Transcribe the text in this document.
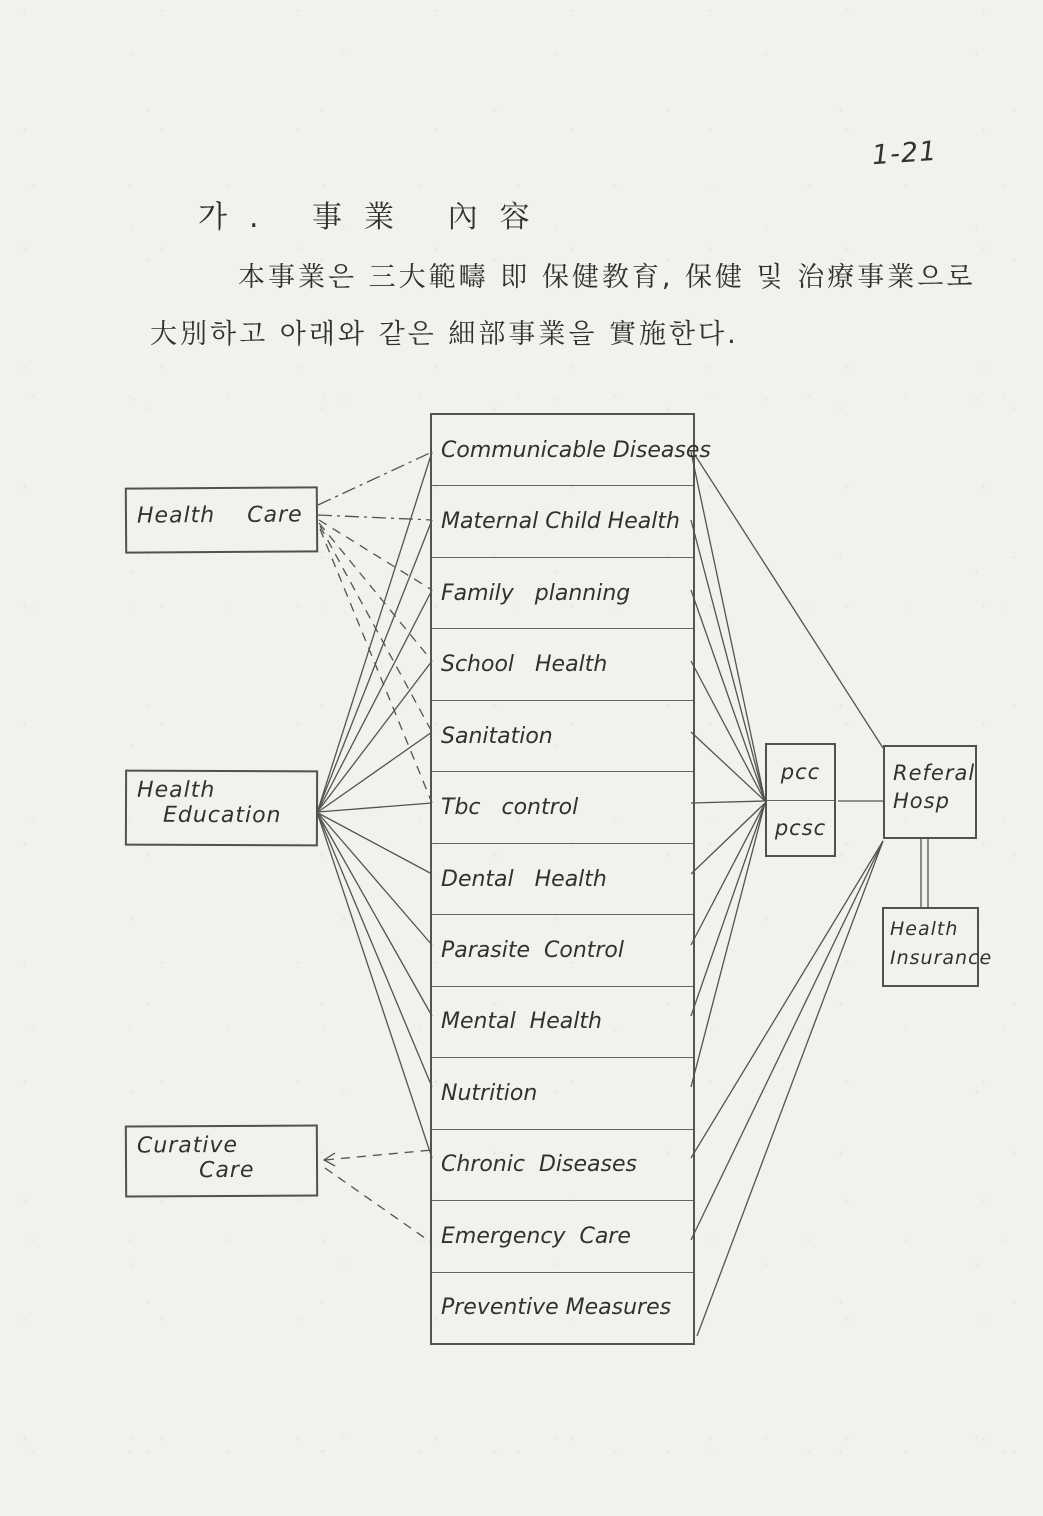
1-21
가. 事業 內容
本事業은 三大範疇 即 保健教育, 保健 및 治療事業으로
大別하고 아래와 같은 細部事業을 實施한다.
Health Care
Health
Education
Curative
Care
Communicable Diseases
Maternal Child Health
Family   planning
School   Health
Sanitation
Tbc   control
Dental   Health
Parasite  Control
Mental  Health
Nutrition
Chronic  Diseases
Emergency  Care
Preventive Measures
pcc
pcsc
Referal
Hosp
Health
Insurance
